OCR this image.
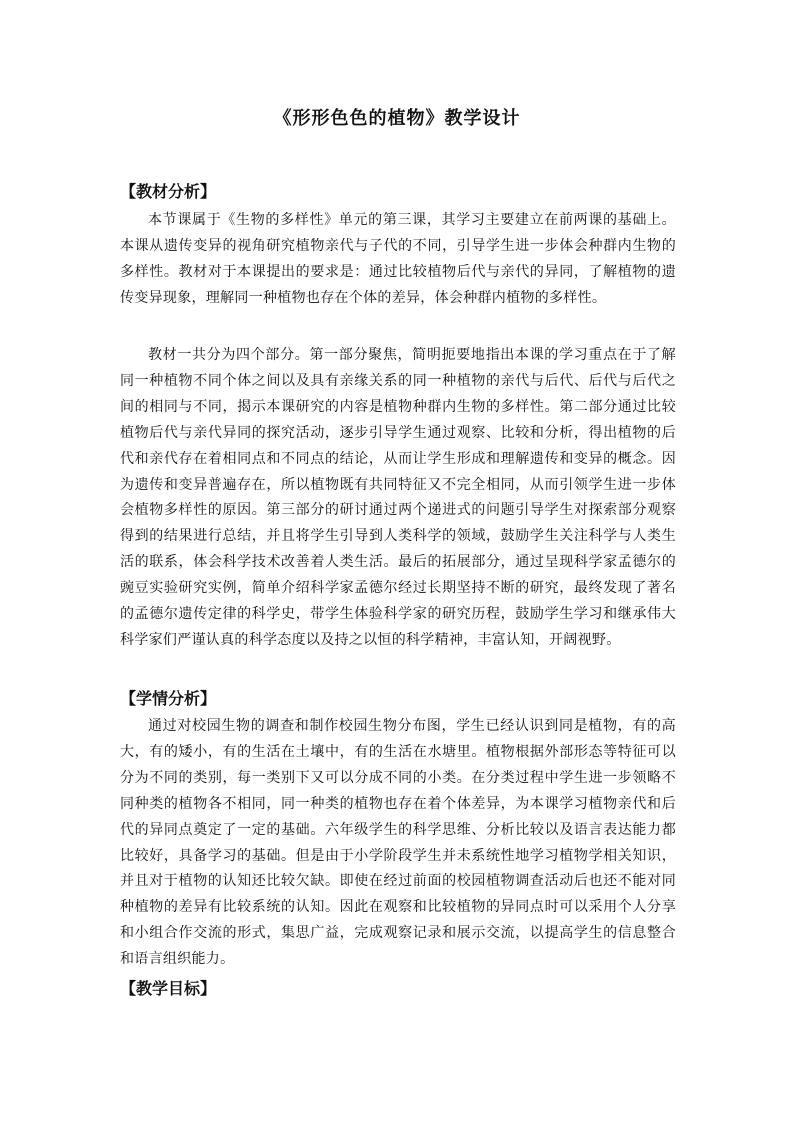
《形形色色的植物》教学设计
【教材分析】

本节课属于《生物的多样性》单元的第三课，其学习主要建立在前两课的基础上。本课从遗传变异的视角研究植物亲代与子代的不同，引导学生进一步体会种群内生物的多样性。教材对于本课提出的要求是：通过比较植物后代与亲代的异同，了解植物的遗传变异现象，理解同一种植物也存在个体的差异，体会种群内植物的多样性。

教材一共分为四个部分。第一部分聚焦，简明扼要地指出本课的学习重点在于了解同一种植物不同个体之间以及具有亲缘关系的同一种植物的亲代与后代、后代与后代之间的相同与不同，揭示本课研究的内容是植物种群内生物的多样性。第二部分通过比较植物后代与亲代异同的探究活动，逐步引导学生通过观察、比较和分析，得出植物的后代和亲代存在着相同点和不同点的结论，从而让学生形成和理解遗传和变异的概念。因为遗传和变异普遍存在，所以植物既有共同特征又不完全相同，从而引领学生进一步体会植物多样性的原因。第三部分的研讨通过两个递进式的问题引导学生对探索部分观察得到的结果进行总结，并且将学生引导到人类科学的领域，鼓励学生关注科学与人类生活的联系，体会科学技术改善着人类生活。最后的拓展部分，通过呈现科学家孟德尔的豌豆实验研究实例，简单介绍科学家孟德尔经过长期坚持不断的研究，最终发现了著名的孟德尔遗传定律的科学史，带学生体验科学家的研究历程，鼓励学生学习和继承伟大科学家们严谨认真的科学态度以及持之以恒的科学精神，丰富认知，开阔视野。

【学情分析】

通过对校园生物的调查和制作校园生物分布图，学生已经认识到同是植物，有的高大，有的矮小，有的生活在土壤中，有的生活在水塘里。植物根据外部形态等特征可以分为不同的类别，每一类别下又可以分成不同的小类。在分类过程中学生进一步领略不同种类的植物各不相同，同一种类的植物也存在着个体差异，为本课学习植物亲代和后代的异同点奠定了一定的基础。六年级学生的科学思维、分析比较以及语言表达能力都比较好，具备学习的基础。但是由于小学阶段学生并未系统性地学习植物学相关知识，并且对于植物的认知还比较欠缺。即使在经过前面的校园植物调查活动后也还不能对同种植物的差异有比较系统的认知。因此在观察和比较植物的异同点时可以采用个人分享和小组合作交流的形式，集思广益，完成观察记录和展示交流，以提高学生的信息整合和语言组织能力。

【教学目标】
